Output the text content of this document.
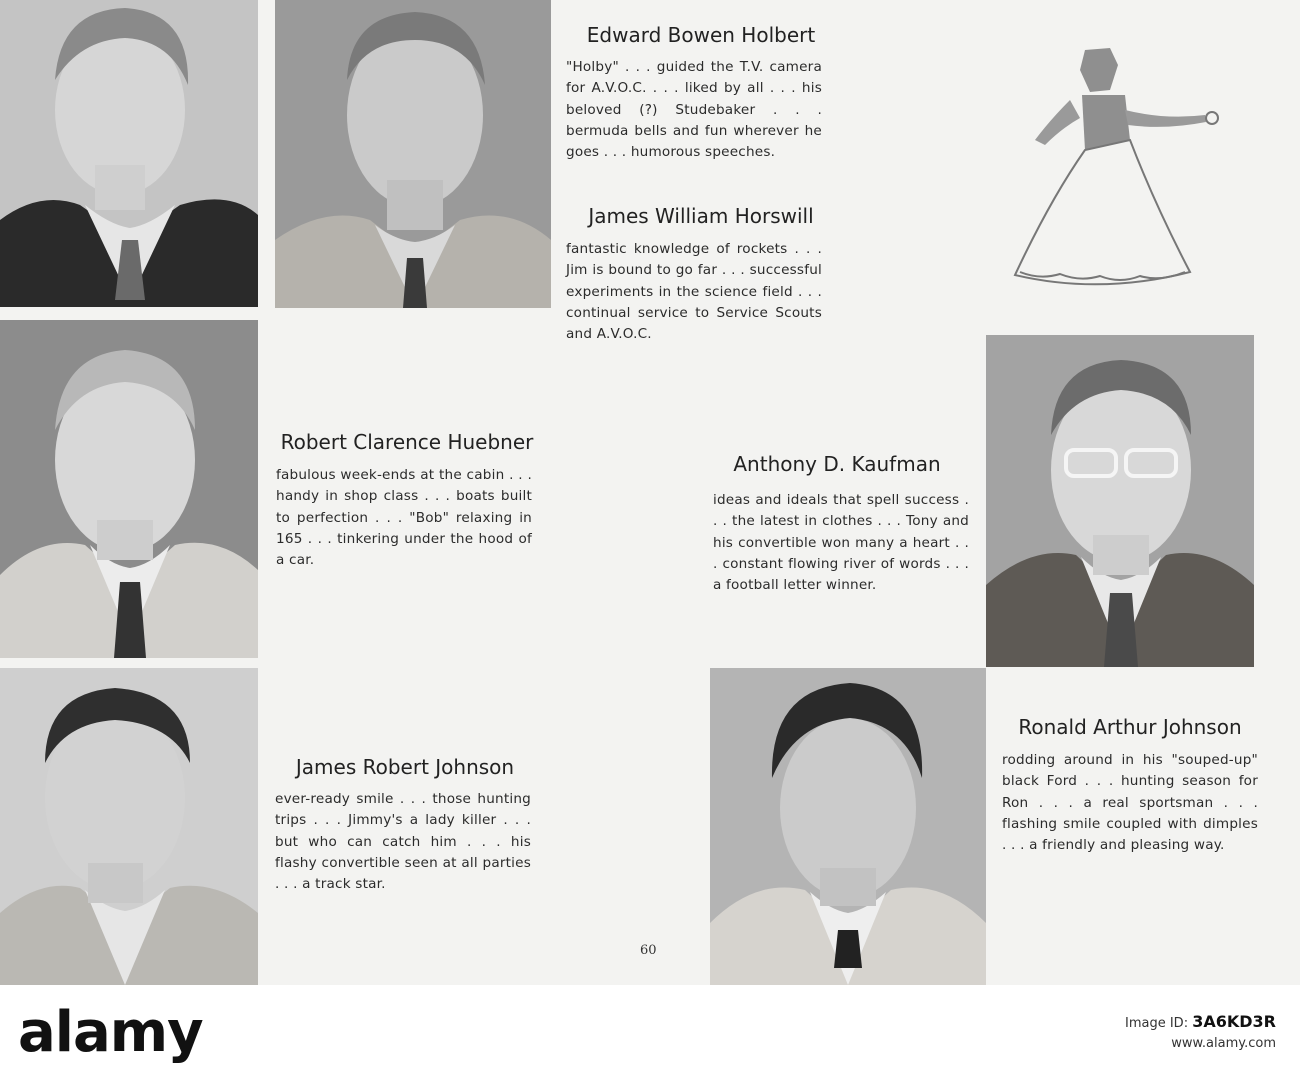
Edward Bowen Holbert
"Holby" . . . guided the T.V. camera for A.V.O.C. . . . liked by all . . . his beloved (?) Studebaker . . . bermuda bells and fun wherever he goes . . . humorous speeches.
James William Horswill
fantastic knowledge of rockets . . . Jim is bound to go far . . . successful experiments in the science field . . . continual service to Service Scouts and A.V.O.C.
Robert Clarence Huebner
fabulous week-ends at the cabin . . . handy in shop class . . . boats built to perfection . . . "Bob" relaxing in 165 . . . tinkering under the hood of a car.
Anthony D. Kaufman
ideas and ideals that spell success . . . the latest in clothes . . . Tony and his convertible won many a heart . . . constant flowing river of words . . . a football letter winner.
James Robert Johnson
ever-ready smile . . . those hunting trips . . . Jimmy's a lady killer . . . but who can catch him . . . his flashy convertible seen at all parties . . . a track star.
Ronald Arthur Johnson
rodding around in his "souped-up" black Ford . . . hunting season for Ron . . . a real sportsman . . . flashing smile coupled with dimples . . . a friendly and pleasing way.
60
alamy	Image ID: 3A6KD3R
www.alamy.com
